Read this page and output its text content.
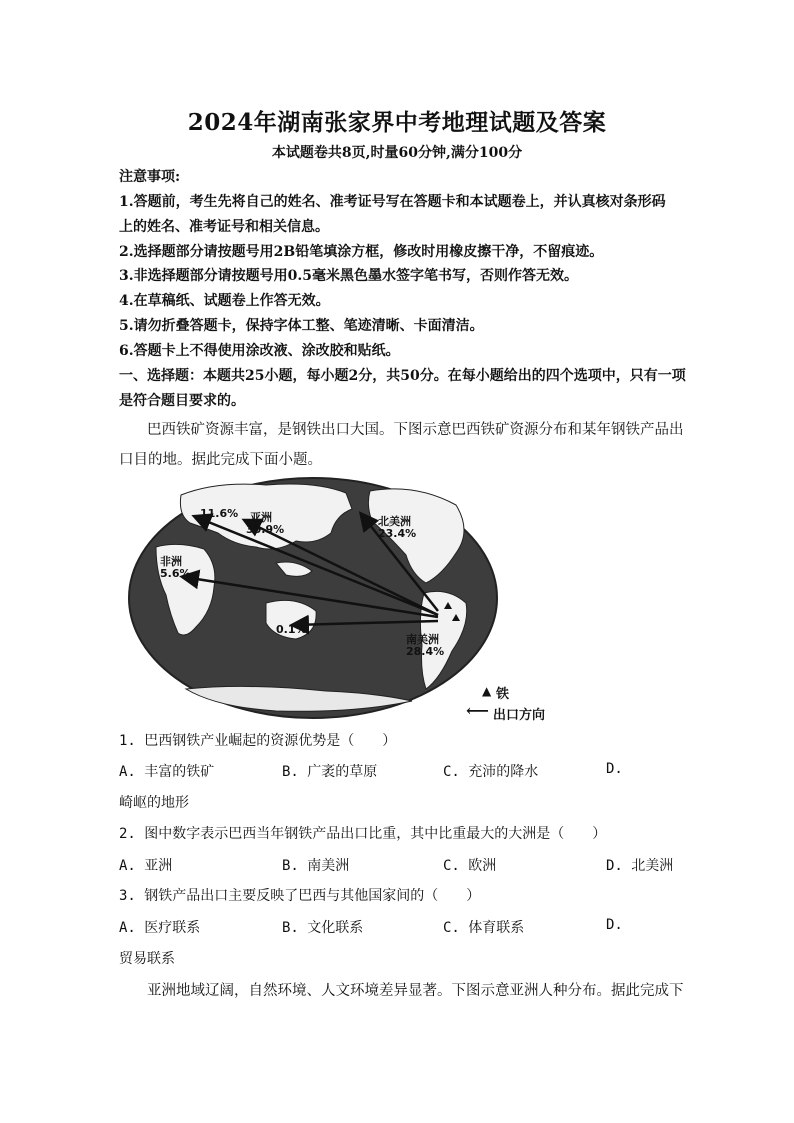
2024年湖南张家界中考地理试题及答案
本试题卷共8页,时量60分钟,满分100分
注意事项:
1.答题前，考生先将自己的姓名、准考证号写在答题卡和本试题卷上，并认真核对条形码
上的姓名、准考证号和相关信息。
2.选择题部分请按题号用2B铅笔填涂方框，修改时用橡皮擦干净，不留痕迹。
3.非选择题部分请按题号用0.5毫米黑色墨水签字笔书写，否则作答无效。
4.在草稿纸、试题卷上作答无效。
5.请勿折叠答题卡，保持字体工整、笔迹清晰、卡面清洁。
6.答题卡上不得使用涂改液、涂改胶和贴纸。
一、选择题：本题共25小题，每小题2分，共50分。在每小题给出的四个选项中，只有一项
是符合题目要求的。
巴西铁矿资源丰富，是钢铁出口大国。下图示意巴西铁矿资源分布和某年钢铁产品出
口目的地。据此完成下面小题。
11.6% 亚洲
30.9%
北美洲
23.4%
非洲
5.6%
0.1%
南美洲
28.4%
▲ 铁
⟵ 出口方向
1. 巴西钢铁产业崛起的资源优势是（　　）
A. 丰富的铁矿	B. 广袤的草原	C. 充沛的降水	D.
崎岖的地形
2. 图中数字表示巴西当年钢铁产品出口比重，其中比重最大的大洲是（　　）
A. 亚洲	B. 南美洲	C. 欧洲	D. 北美洲
3. 钢铁产品出口主要反映了巴西与其他国家间的（　　）
A. 医疗联系	B. 文化联系	C. 体育联系	D.
贸易联系
亚洲地域辽阔，自然环境、人文环境差异显著。下图示意亚洲人种分布。据此完成下
